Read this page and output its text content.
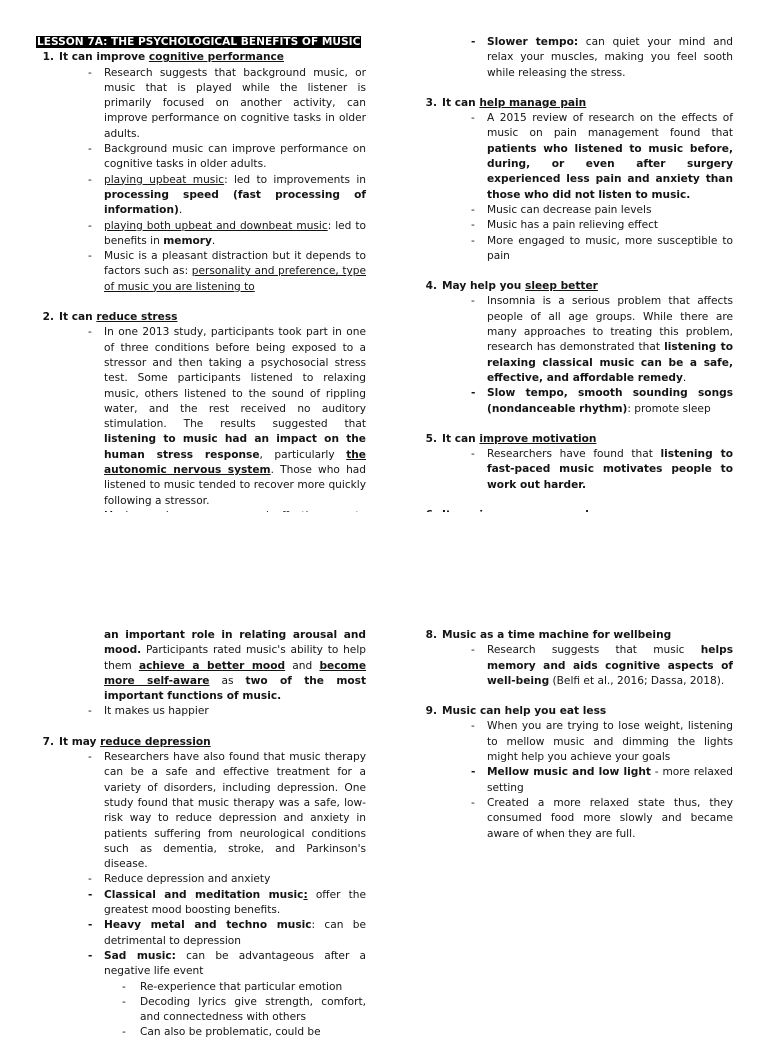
LESSON 7A: THE PSYCHOLOGICAL BENEFITS OF MUSIC
1. It can improve cognitive performance
- Research suggests that background music, or music that is played while the listener is primarily focused on another activity, can improve performance on cognitive tasks in older adults.
- Background music can improve performance on cognitive tasks in older adults.
- playing upbeat music: led to improvements in processing speed (fast processing of information).
- playing both upbeat and downbeat music: led to benefits in memory.
- Music is a pleasant distraction but it depends to factors such as: personality and preference, type of music you are listening to
2. It can reduce stress
- In one 2013 study, participants took part in one of three conditions before being exposed to a stressor and then taking a psychosocial stress test. Some participants listened to relaxing music, others listened to the sound of rippling water, and the rest received no auditory stimulation. The results suggested that listening to music had an impact on the human stress response, particularly the autonomic nervous system. Those who had listened to music tended to recover more quickly following a stressor.
-
-
- Slower tempo: can quiet your mind and relax your muscles, making you feel sooth while releasing the stress.
3. It can help manage pain
- A 2015 review of research on the effects of music on pain management found that patients who listened to music before, during, or even after surgery experienced less pain and anxiety than those who did not listen to music.
- Music can decrease pain levels
- Music has a pain relieving effect
- More engaged to music, more susceptible to pain
4. May help you sleep better
- Insomnia is a serious problem that affects people of all age groups. While there are many approaches to treating this problem, research has demonstrated that listening to relaxing classical music can be a safe, effective, and affordable remedy.
- Slow tempo, smooth sounding songs (nondanceable rhythm): promote sleep
5. It can improve motivation
- Researchers have found that listening to fast-paced music motivates people to work out harder.
-
an important role in relating arousal and mood. Participants rated music's ability to help them achieve a better mood and become more self-aware as two of the most important functions of music.
- It makes us happier
7. It may reduce depression
- Researchers have also found that music therapy can be a safe and effective treatment for a variety of disorders, including depression. One study found that music therapy was a safe, low-risk way to reduce depression and anxiety in patients suffering from neurological conditions such as dementia, stroke, and Parkinson's disease.
- Reduce depression and anxiety
- Classical and meditation music: offer the greatest mood boosting benefits.
- Heavy metal and techno music: can be detrimental to depression
- Sad music: can be advantageous after a negative life event
- Re-experience that particular emotion
- Decoding lyrics give strength, comfort, and connectedness with others
- Can also be problematic, could be
8. Music as a time machine for wellbeing
- Research suggests that music helps memory and aids cognitive aspects of well-being (Belfi et al., 2016; Dassa, 2018).
9. Music can help you eat less
- When you are trying to lose weight, listening to mellow music and dimming the lights might help you achieve your goals
- Mellow music and low light - more relaxed setting
- Created a more relaxed state thus, they consumed food more slowly and became aware of when they are full.
